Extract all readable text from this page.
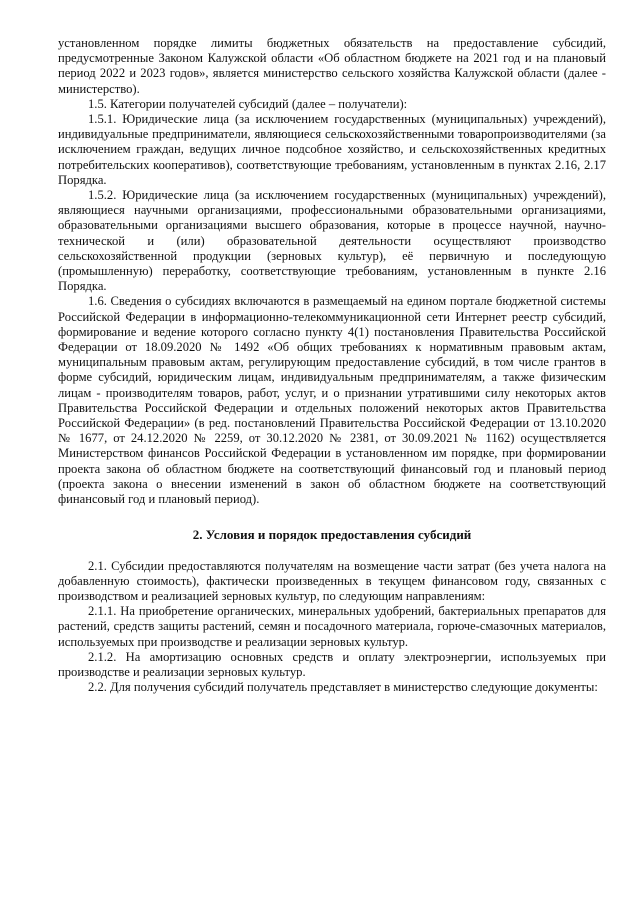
установленном порядке лимиты бюджетных обязательств на предоставление субсидий, предусмотренные Законом Калужской области «Об областном бюджете на 2021 год и на плановый период 2022 и 2023 годов», является министерство сельского хозяйства Калужской области (далее - министерство).

1.5. Категории получателей субсидий (далее – получатели):

1.5.1. Юридические лица (за исключением государственных (муниципальных) учреждений), индивидуальные предприниматели, являющиеся сельскохозяйственными товаропроизводителями (за исключением граждан, ведущих личное подсобное хозяйство, и сельскохозяйственных кредитных потребительских кооперативов), соответствующие требованиям, установленным в пунктах 2.16, 2.17 Порядка.

1.5.2. Юридические лица (за исключением государственных (муниципальных) учреждений), являющиеся научными организациями, профессиональными образовательными организациями, образовательными организациями высшего образования, которые в процессе научной, научно-технической и (или) образовательной деятельности осуществляют производство сельскохозяйственной продукции (зерновых культур), её первичную и последующую (промышленную) переработку, соответствующие требованиям, установленным в пункте 2.16 Порядка.

1.6. Сведения о субсидиях включаются в размещаемый на едином портале бюджетной системы Российской Федерации в информационно-телекоммуникационной сети Интернет реестр субсидий, формирование и ведение которого согласно пункту 4(1) постановления Правительства Российской Федерации от 18.09.2020 № 1492 «Об общих требованиях к нормативным правовым актам, муниципальным правовым актам, регулирующим предоставление субсидий, в том числе грантов в форме субсидий, юридическим лицам, индивидуальным предпринимателям, а также физическим лицам - производителям товаров, работ, услуг, и о признании утратившими силу некоторых актов Правительства Российской Федерации и отдельных положений некоторых актов Правительства Российской Федерации» (в ред. постановлений Правительства Российской Федерации от 13.10.2020 № 1677, от 24.12.2020 № 2259, от 30.12.2020 № 2381, от 30.09.2021 № 1162) осуществляется Министерством финансов Российской Федерации в установленном им порядке, при формировании проекта закона об областном бюджете на соответствующий финансовый год и плановый период (проекта закона о внесении изменений в закон об областном бюджете на соответствующий финансовый год и плановый период).

2. Условия и порядок предоставления субсидий

2.1. Субсидии предоставляются получателям на возмещение части затрат (без учета налога на добавленную стоимость), фактически произведенных в текущем финансовом году, связанных с производством и реализацией зерновых культур, по следующим направлениям:

2.1.1. На приобретение органических, минеральных удобрений, бактериальных препаратов для растений, средств защиты растений, семян и посадочного материала, горюче-смазочных материалов, используемых при производстве и реализации зерновых культур.

2.1.2. На амортизацию основных средств и оплату электроэнергии, используемых при производстве и реализации зерновых культур.

2.2. Для получения субсидий получатель представляет в министерство следующие документы:
